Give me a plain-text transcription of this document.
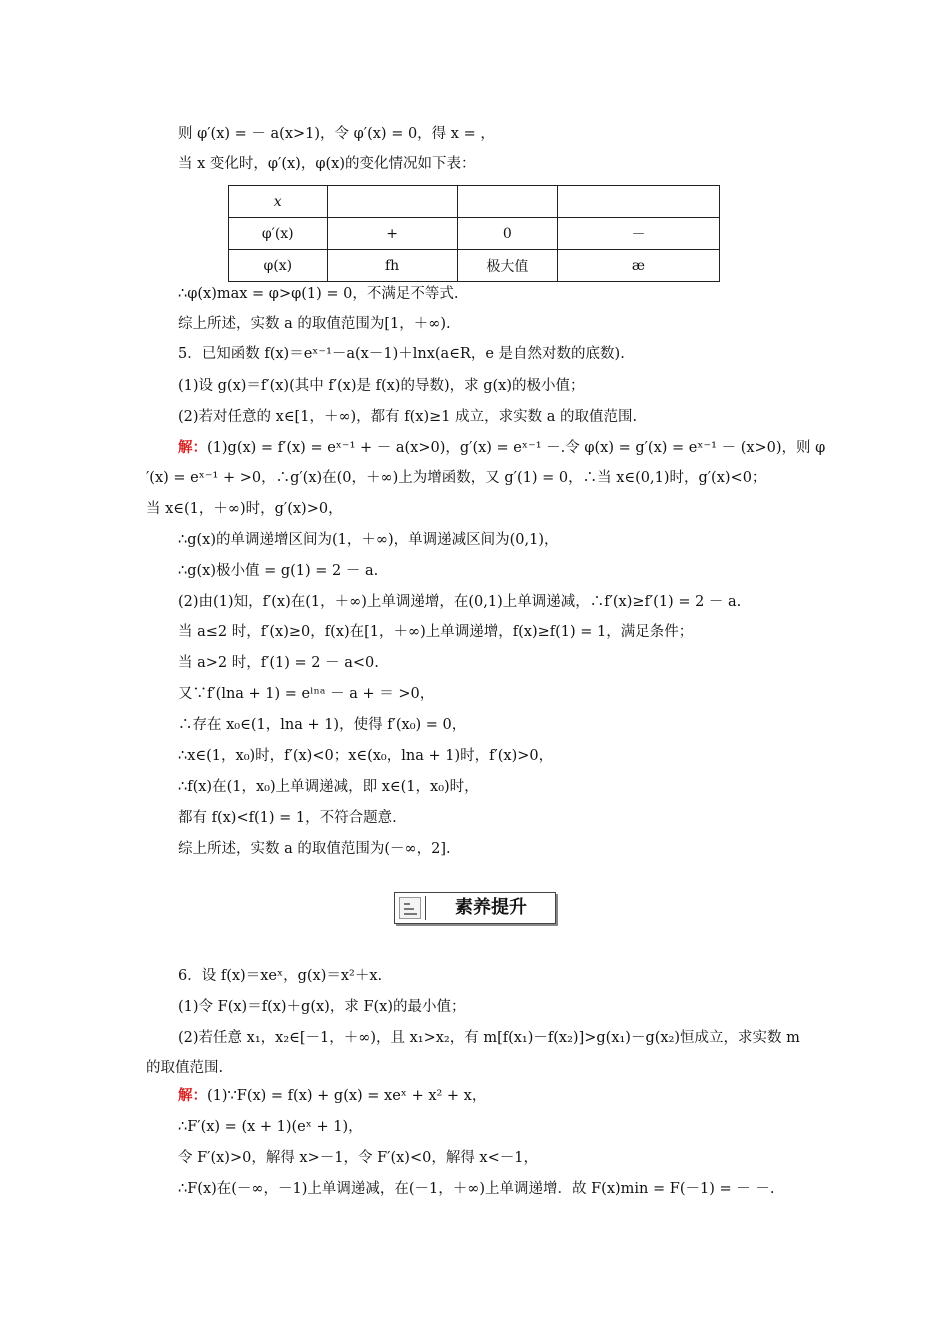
则 φ′(x) = － a(x>1)，令 φ′(x) = 0，得 x = ，
当 x 变化时，φ′(x)，φ(x)的变化情况如下表：
x			
φ′(x)	+	0	－
φ(x)	fh	极大值	æ
∴φ(x)max = φ>φ(1) = 0，不满足不等式.
综上所述，实数 a 的取值范围为[1，＋∞).
5．已知函数 f(x)＝eˣ⁻¹－a(x－1)＋lnx(a∈R，e 是自然对数的底数).
(1)设 g(x)＝f′(x)(其中 f′(x)是 f(x)的导数)，求 g(x)的极小值；
(2)若对任意的 x∈[1，＋∞)，都有 f(x)≥1 成立，求实数 a 的取值范围.
解：(1)g(x) = f′(x) = eˣ⁻¹ + － a(x>0)，g′(x) = eˣ⁻¹ －.令 φ(x) = g′(x) = eˣ⁻¹ － (x>0)，则 φ
′(x) = eˣ⁻¹ + >0，∴g′(x)在(0，＋∞)上为增函数，又 g′(1) = 0，∴当 x∈(0,1)时，g′(x)<0；
当 x∈(1，＋∞)时，g′(x)>0，
∴g(x)的单调递增区间为(1，＋∞)，单调递减区间为(0,1)，
∴g(x)极小值 = g(1) = 2 － a.
(2)由(1)知，f′(x)在(1，＋∞)上单调递增，在(0,1)上单调递减，∴f′(x)≥f′(1) = 2 － a.
当 a≤2 时，f′(x)≥0，f(x)在[1，＋∞)上单调递增，f(x)≥f(1) = 1，满足条件；
当 a>2 时，f′(1) = 2 － a<0.
又∵f′(lna + 1) = eˡⁿᵃ － a + ＝ >0，
∴存在 x₀∈(1，lna + 1)，使得 f′(x₀) = 0，
∴x∈(1，x₀)时，f′(x)<0；x∈(x₀，lna + 1)时，f′(x)>0，
∴f(x)在(1，x₀)上单调递减，即 x∈(1，x₀)时，
都有 f(x)<f(1) = 1，不符合题意.
综上所述，实数 a 的取值范围为(－∞，2].
素养提升
6．设 f(x)＝xeˣ，g(x)＝x²＋x.
(1)令 F(x)＝f(x)＋g(x)，求 F(x)的最小值；
(2)若任意 x₁，x₂∈[－1，＋∞)，且 x₁>x₂，有 m[f(x₁)－f(x₂)]>g(x₁)－g(x₂)恒成立，求实数 m
的取值范围.
解：(1)∵F(x) = f(x) + g(x) = xeˣ + x² + x，
∴F′(x) = (x + 1)(eˣ + 1)，
令 F′(x)>0，解得 x>－1，令 F′(x)<0，解得 x<－1，
∴F(x)在(－∞，－1)上单调递减，在(－1，＋∞)上单调递增．故 F(x)min = F(－1) = － －.
